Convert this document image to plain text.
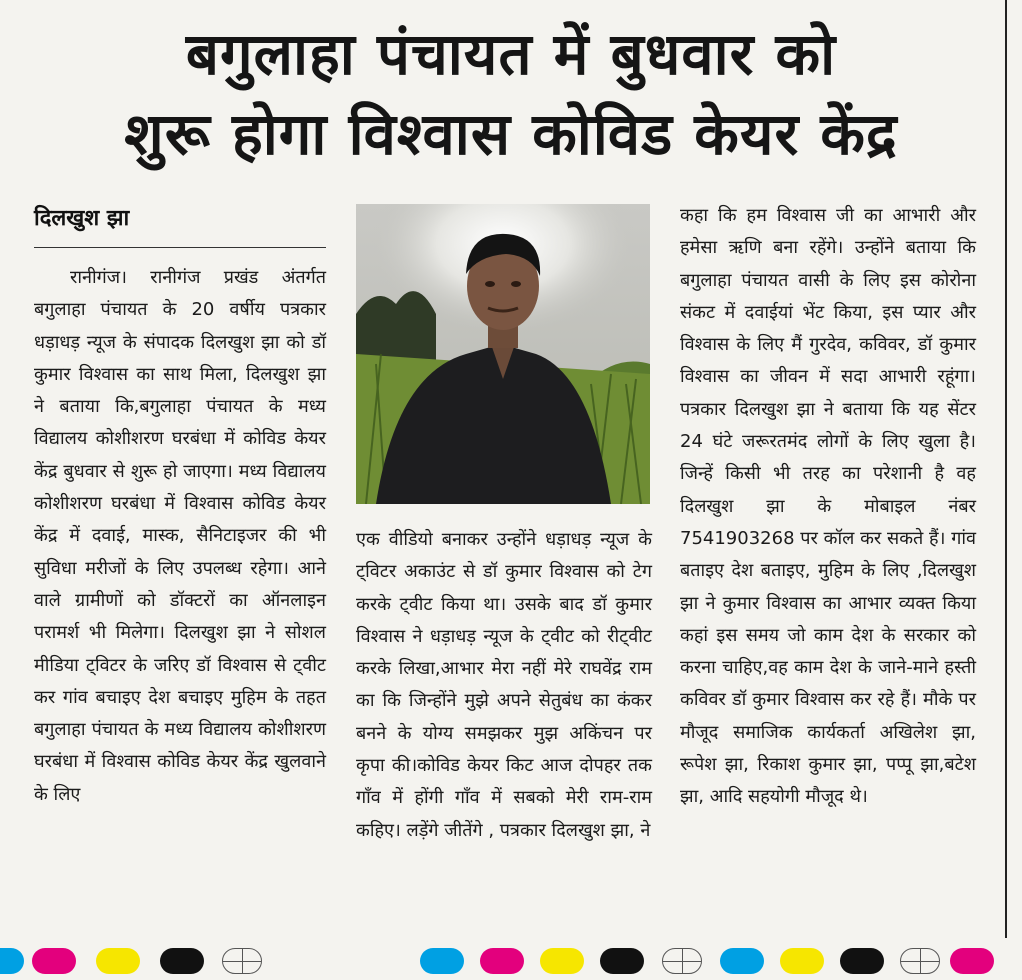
बगुलाहा पंचायत में बुधवार को
शुरू होगा विश्वास कोविड केयर केंद्र
दिलखुश झा

रानीगंज। रानीगंज प्रखंड अंतर्गत बगुलाहा पंचायत के 20 वर्षीय पत्रकार धड़ाधड़ न्यूज के संपादक दिलखुश झा को डॉ कुमार विश्वास का साथ मिला, दिलखुश झा ने बताया कि,बगुलाहा पंचायत के मध्य विद्यालय कोशीशरण घरबंधा में कोविड केयर केंद्र बुधवार से शुरू हो जाएगा। मध्य विद्यालय कोशीशरण घरबंधा में विश्वास कोविड केयर केंद्र में दवाई, मास्क, सैनिटाइजर की भी सुविधा मरीजों के लिए उपलब्ध रहेगा। आने वाले ग्रामीणों को डॉक्टरों का ऑनलाइन परामर्श भी मिलेगा। दिलखुश झा ने सोशल मीडिया ट्विटर के जरिए डॉ विश्वास से ट्वीट कर गांव बचाइए देश बचाइए मुहिम के तहत बगुलाहा पंचायत के मध्य विद्यालय कोशीशरण घरबंधा में विश्वास कोविड केयर केंद्र खुलवाने के लिए

एक वीडियो बनाकर उन्होंने धड़ाधड़ न्यूज के ट्विटर अकाउंट से डॉ कुमार विश्वास को टेग करके ट्वीट किया था। उसके बाद डॉ कुमार विश्वास ने धड़ाधड़ न्यूज के ट्वीट को रीट्वीट करके लिखा,आभार मेरा नहीं मेरे राघवेंद्र राम का कि जिन्होंने मुझे अपने सेतुबंध का कंकर बनने के योग्य समझकर मुझ अकिंचन पर कृपा की।कोविड केयर किट आज दोपहर तक गाँव में होंगी गाँव में सबको मेरी राम-राम कहिए। लड़ेंगे जीतेंगे , पत्रकार दिलखुश झा, ने

कहा कि हम विश्वास जी का आभारी और हमेसा ऋणि बना रहेंगे। उन्होंने बताया कि बगुलाहा पंचायत वासी के लिए इस कोरोना संकट में दवाईयां भेंट किया, इस प्यार और विश्वास के लिए मैं गुरदेव, कविवर, डॉ कुमार विश्वास का जीवन में सदा आभारी रहूंगा। पत्रकार दिलखुश झा ने बताया कि यह सेंटर 24 घंटे जरूरतमंद लोगों के लिए खुला है। जिन्हें किसी भी तरह का परेशानी है वह दिलखुश झा के मोबाइल नंबर 7541903268 पर कॉल कर सकते हैं। गांव बताइए देश बताइए, मुहिम के लिए ,दिलखुश झा ने कुमार विश्वास का आभार व्यक्त किया कहां इस समय जो काम देश के सरकार को करना चाहिए,वह काम देश के जाने-माने हस्ती कविवर डॉ कुमार विश्वास कर रहे हैं। मौके पर मौजूद समाजिक कार्यकर्ता अखिलेश झा, रूपेश झा, रिकाश कुमार झा, पप्पू झा,बटेश झा, आदि सहयोगी मौजूद थे।
